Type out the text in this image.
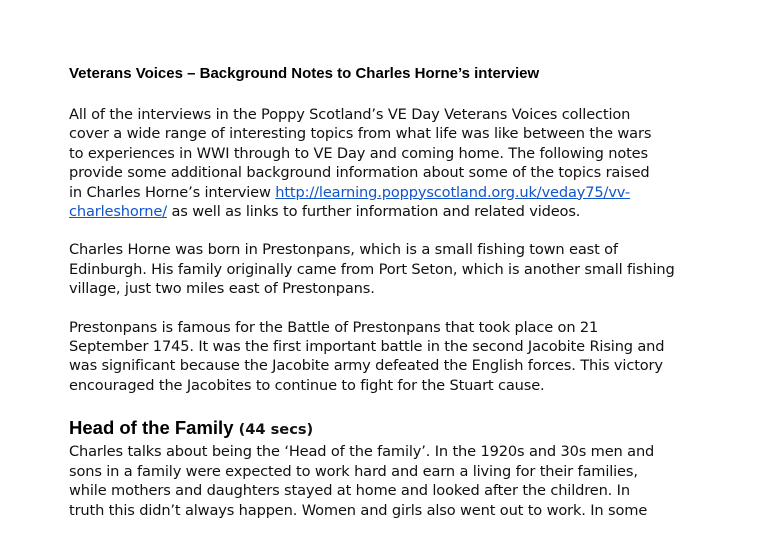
Veterans Voices – Background Notes to Charles Horne’s interview

All of the interviews in the Poppy Scotland’s VE Day Veterans Voices collection
cover a wide range of interesting topics from what life was like between the wars
to experiences in WWI through to VE Day and coming home. The following notes
provide some additional background information about some of the topics raised
in Charles Horne’s interview http://learning.poppyscotland.org.uk/veday75/vv-
charleshorne/ as well as links to further information and related videos.

Charles Horne was born in Prestonpans, which is a small fishing town east of
Edinburgh. His family originally came from Port Seton, which is another small fishing
village, just two miles east of Prestonpans.

Prestonpans is famous for the Battle of Prestonpans that took place on 21
September 1745. It was the first important battle in the second Jacobite Rising and
was significant because the Jacobite army defeated the English forces. This victory
encouraged the Jacobites to continue to fight for the Stuart cause.

Head of the Family (44 secs)

Charles talks about being the ‘Head of the family’. In the 1920s and 30s men and
sons in a family were expected to work hard and earn a living for their families,
while mothers and daughters stayed at home and looked after the children. In
truth this didn’t always happen. Women and girls also went out to work. In some
